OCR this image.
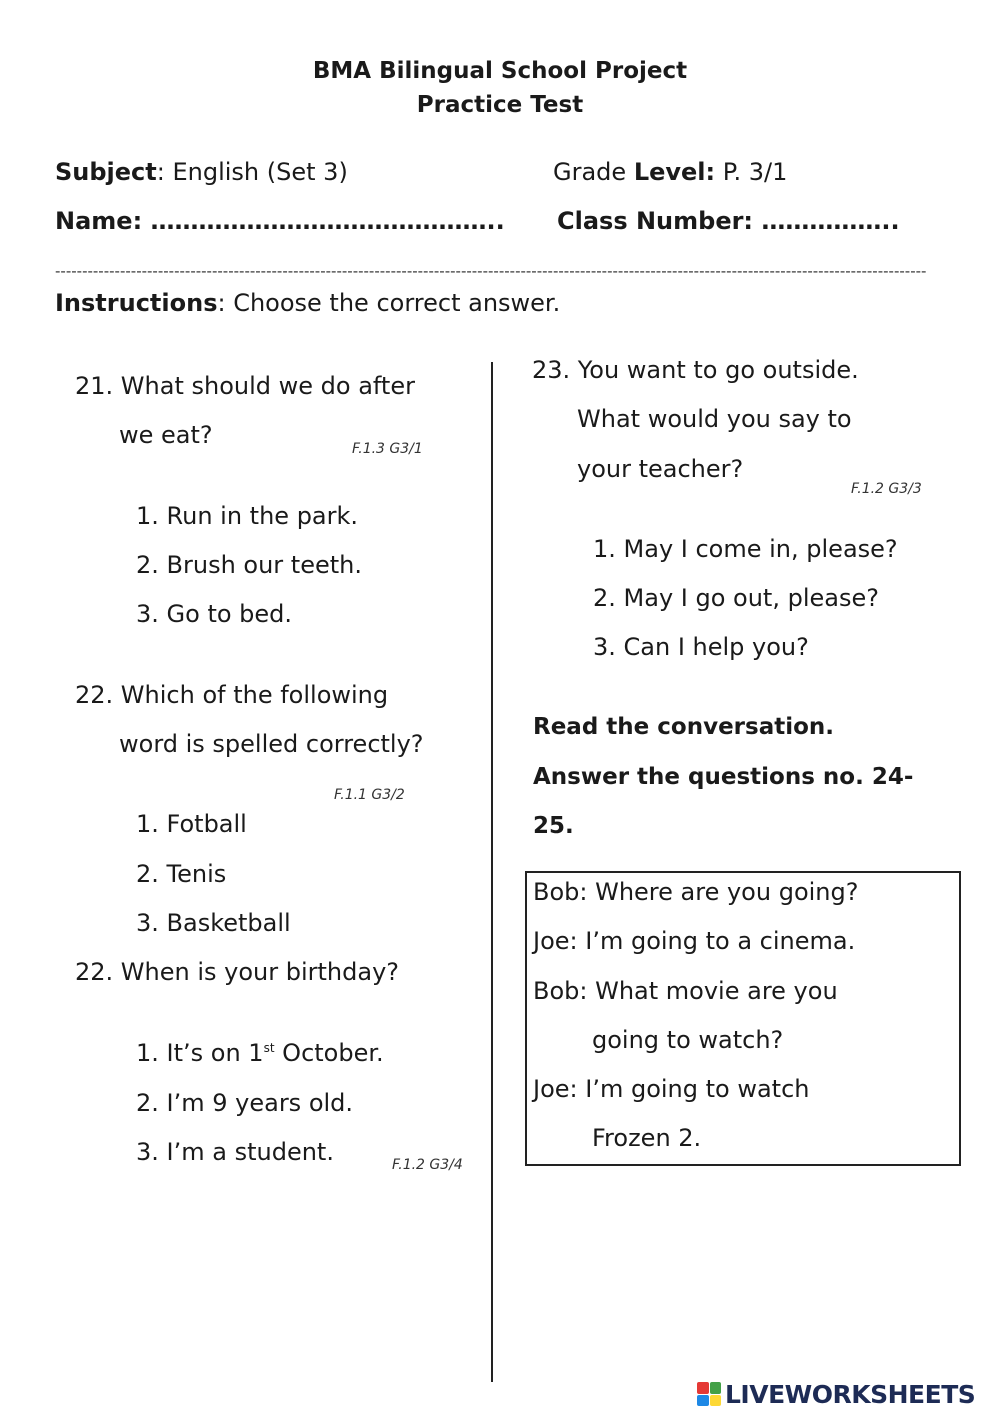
BMA Bilingual School Project
Practice Test
Subject: English (Set 3)	Grade Level: P. 3/1
Name: …………………………………….. Class Number: ……………..
-----------------------------------------------------------------------------------------------------------------------------------------------------------------
Instructions: Choose the correct answer.
21. What should we do after
we eat?	F.1.3 G3/1
1. Run in the park.
2. Brush our teeth.
3. Go to bed.
22. Which of the following
word is spelled correctly?
F.1.1 G3/2
1. Fotball
2. Tenis
3. Basketball
22. When is your birthday?
1. It’s on 1st October.
2. I’m 9 years old.
3. I’m a student.	F.1.2 G3/4
23. You want to go outside.
What would you say to
your teacher?
F.1.2 G3/3
1. May I come in, please?
2. May I go out, please?
3. Can I help you?
Read the conversation.
Answer the questions no. 24-
25.
Bob: Where are you going?
Joe: I’m going to a cinema.
Bob: What movie are you
going to watch?
Joe: I’m going to watch
Frozen 2.
LIVEWORKSHEETS
